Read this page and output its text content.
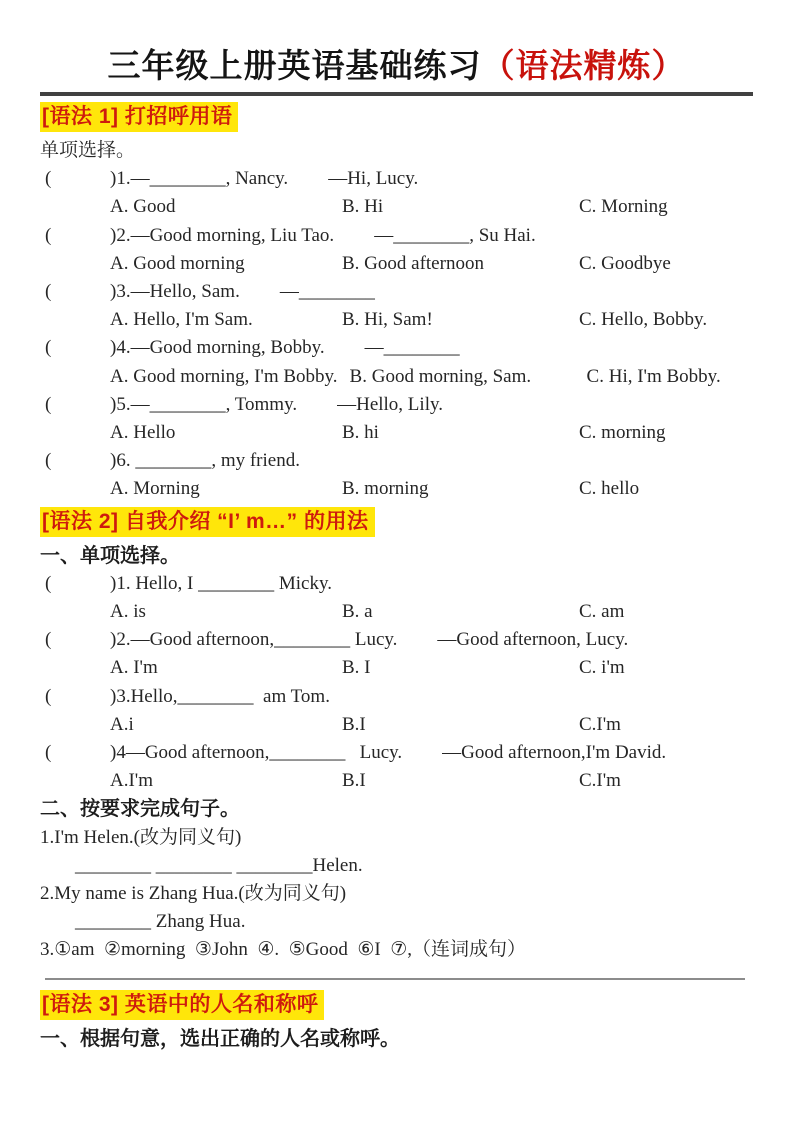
三年级上册英语基础练习（语法精炼）
[语法 1] 打招呼用语
单项选择。
(	)1.—________, Nancy. —Hi, Lucy.
A. Good	B. Hi	C. Morning
(	)2.—Good morning, Liu Tao. —________, Su Hai.
A. Good morning	B. Good afternoon	C. Goodbye
(	)3.—Hello, Sam. —________
A. Hello, I'm Sam.	B. Hi, Sam!	C. Hello, Bobby.
(	)4.—Good morning, Bobby. —________
A. Good morning, I'm Bobby. B. Good morning, Sam.	C. Hi, I'm Bobby.
(	)5.—________, Tommy. —Hello, Lily.
A. Hello	B. hi	C. morning
(	)6. ________, my friend.
A. Morning	B. morning	C. hello
[语法 2] 自我介绍 “I’ m…” 的用法
一、单项选择。
(	)1. Hello, I ________ Micky.
A. is	B. a	C. am
(	)2.—Good afternoon,________ Lucy. —Good afternoon, Lucy.
A. I'm	B. I	C. i'm
(	)3.Hello,________  am Tom.
A.i	B.I	C.I'm
(	)4—Good afternoon,________   Lucy. —Good afternoon,I'm David.
A.I'm	B.I	C.I'm
二、按要求完成句子。
1.I'm Helen.(改为同义句)
________ ________ ________Helen.
2.My name is Zhang Hua.(改为同义句)
________ Zhang Hua.
3.①am  ②morning  ③John  ④.  ⑤Good  ⑥I  ⑦,（连词成句）
[语法 3] 英语中的人名和称呼
一、根据句意，选出正确的人名或称呼。
